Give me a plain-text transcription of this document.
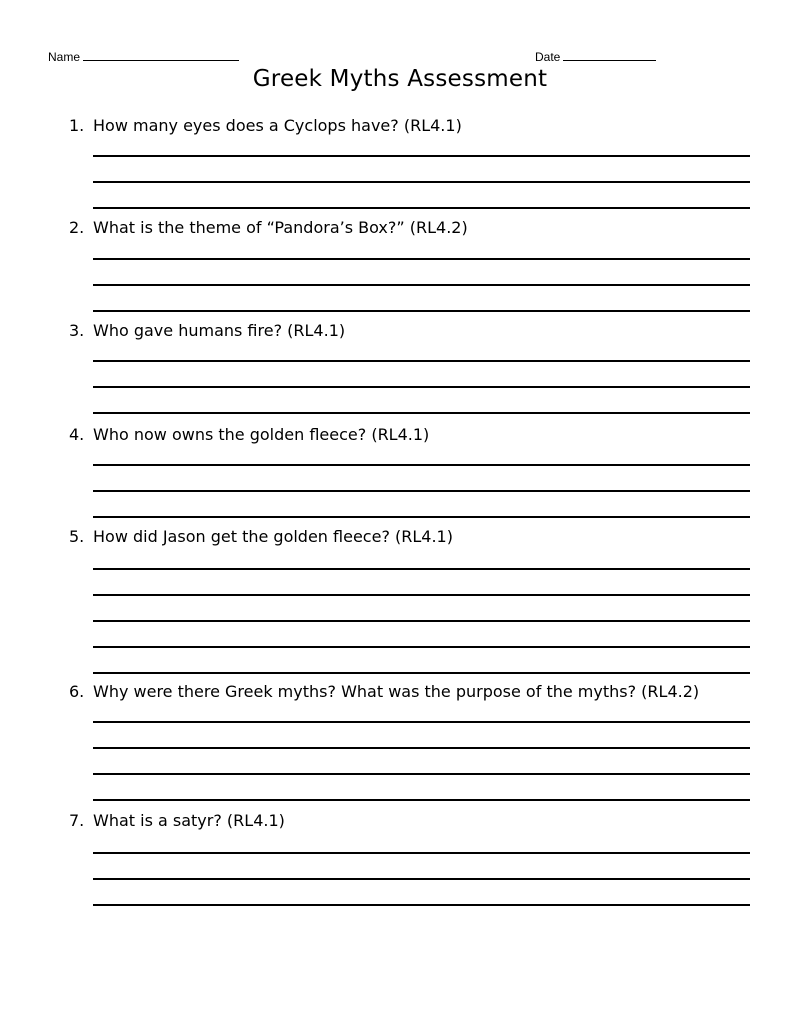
Name	Date
Greek Myths Assessment
1. How many eyes does a Cyclops have? (RL4.1)
2. What is the theme of “Pandora’s Box?” (RL4.2)
3. Who gave humans fire? (RL4.1)
4. Who now owns the golden fleece? (RL4.1)
5. How did Jason get the golden fleece? (RL4.1)
6. Why were there Greek myths? What was the purpose of the myths? (RL4.2)
7. What is a satyr? (RL4.1)
